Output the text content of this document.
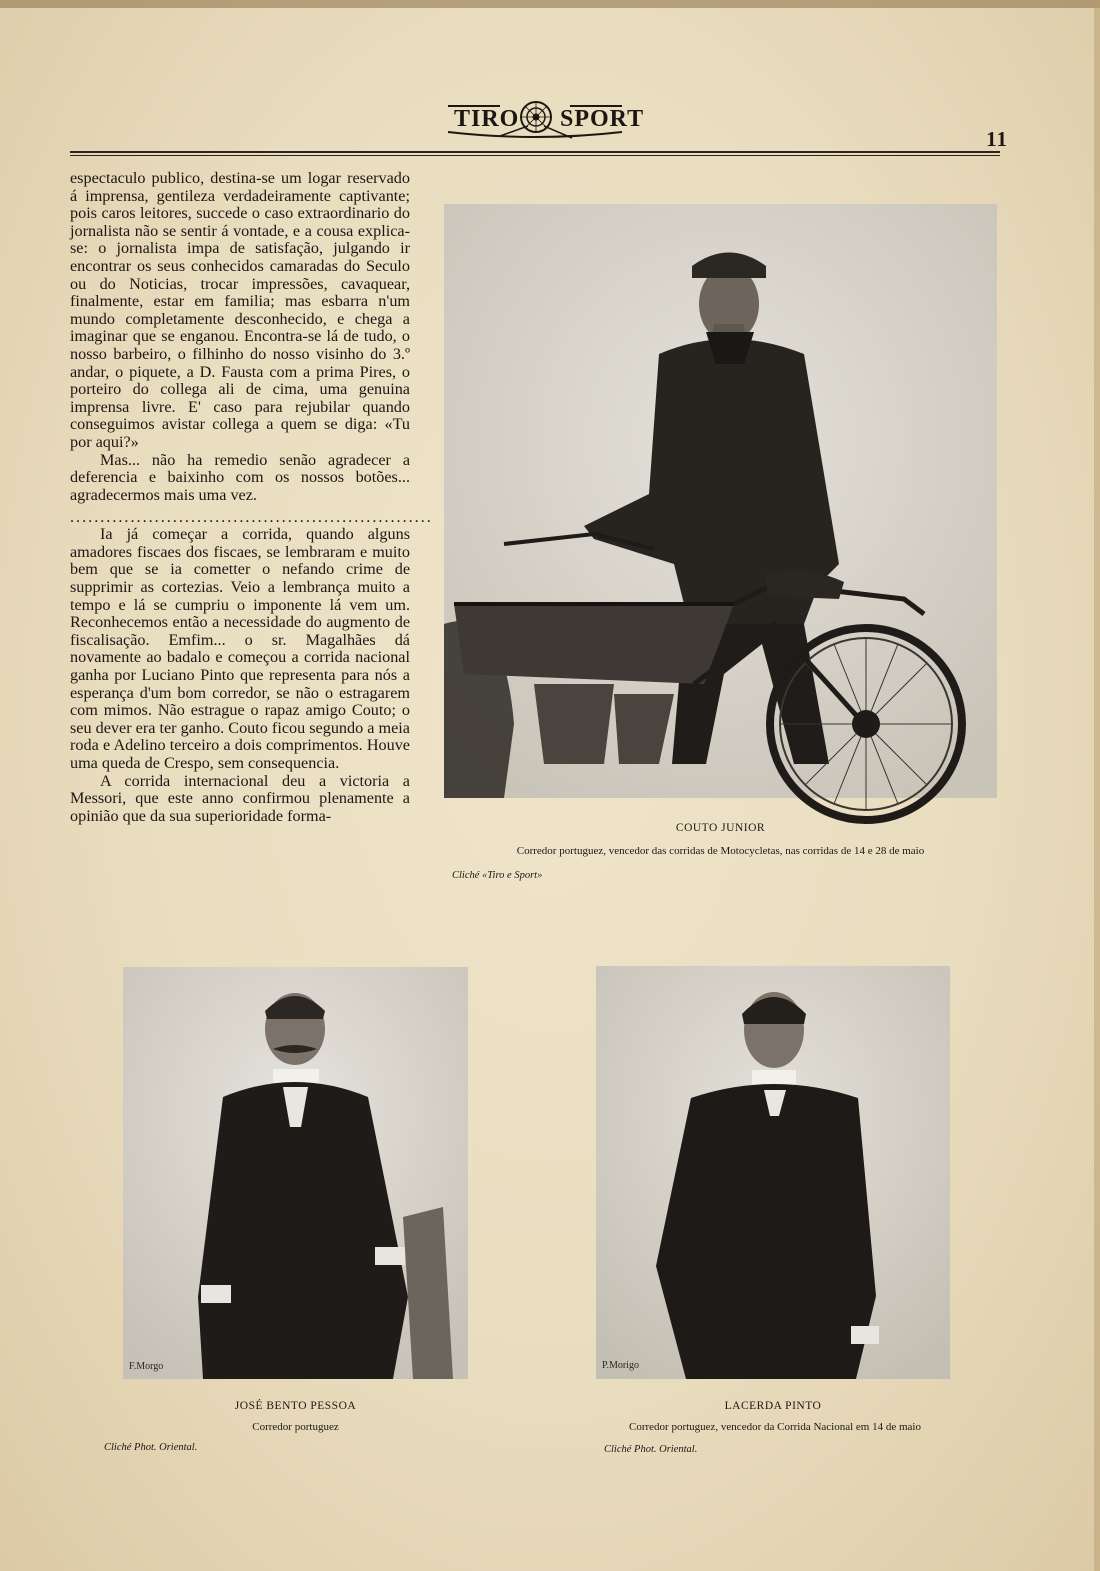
TIRO SPORT
11

espectaculo publico, destina-se um logar reservado á imprensa, gentileza verdadeiramente captivante; pois caros leitores, succede o caso extraordinario do jornalista não se sentir á vontade, e a cousa explica-se: o jornalista impa de satisfação, julgando ir encontrar os seus conhecidos camaradas do Seculo ou do Noticias, trocar impressões, cavaquear, finalmente, estar em familia; mas esbarra n'um mundo completamente desconhecido, e chega a imaginar que se enganou. Encontra-se lá de tudo, o nosso barbeiro, o filhinho do nosso visinho do 3.º andar, o piquete, a D. Fausta com a prima Pires, o porteiro do collega ali de cima, uma genuina imprensa livre. E' caso para rejubilar quando conseguimos avistar collega a quem se diga: «Tu por aqui?»

Mas... não ha remedio senão agradecer a deferencia e baixinho com os nossos botões... agradecermos mais uma vez.

............................................................

Ia já começar a corrida, quando alguns amadores fiscaes dos fiscaes, se lembraram e muito bem que se ia cometter o nefando crime de supprimir as cortezias. Veio a lembrança muito a tempo e lá se cumpriu o imponente lá vem um. Reconhecemos então a necessidade do augmento de fiscalisação. Emfim... o sr. Magalhães dá novamente ao badalo e começou a corrida nacional ganha por Luciano Pinto que representa para nós a esperança d'um bom corredor, se não o estragarem com mimos. Não estrague o rapaz amigo Couto; o seu dever era ter ganho. Couto ficou segundo a meia roda e Adelino terceiro a dois comprimentos. Houve uma queda de Crespo, sem consequencia.

A corrida internacional deu a victoria a Messori, que este anno confirmou plenamente a opinião que da sua superioridade forma-

COUTO JUNIOR
Corredor portuguez, vencedor das corridas de Motocycletas, nas corridas de 14 e 28 de maio
Cliché «Tiro e Sport»
F.Morgo
JOSÉ BENTO PESSOA
Corredor portuguez
Cliché Phot. Oriental.
P.Morigo
LACERDA PINTO
Corredor portuguez, vencedor da Corrida Nacional em 14 de maio
Cliché Phot. Oriental.
